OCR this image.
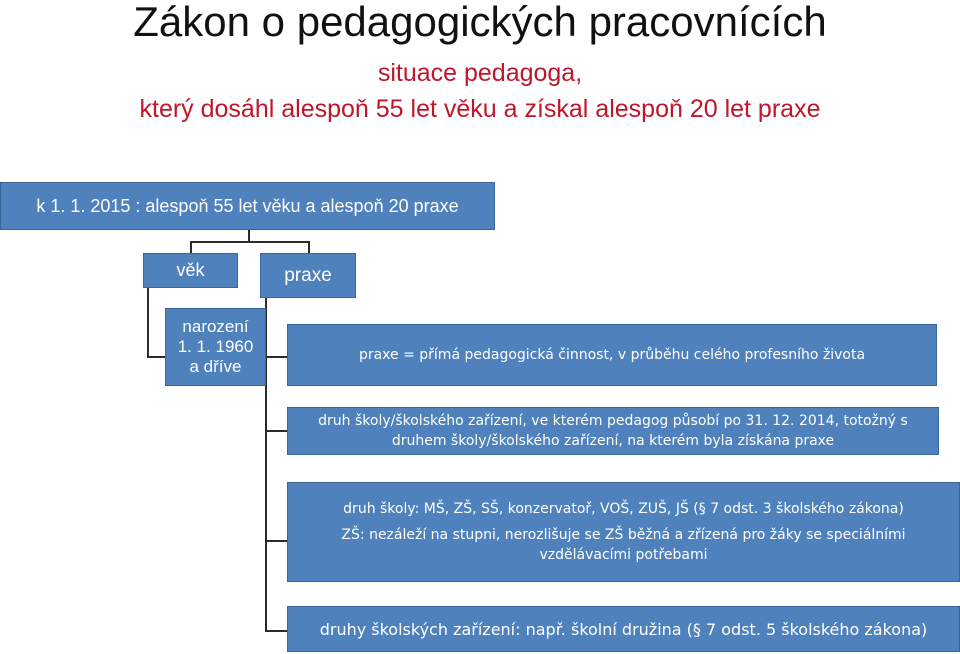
Zákon o pedagogických pracovnících
situace pedagoga,
který dosáhl alespoň 55 let věku a získal alespoň 20 let praxe
k 1. 1. 2015 : alespoň 55 let věku a alespoň 20 praxe
věk	praxe
narození
1. 1. 1960
a dříve
praxe = přímá pedagogická činnost, v průběhu celého profesního života
druh školy/školského zařízení, ve kterém pedagog působí po 31. 12. 2014, totožný s
druhem školy/školského zařízení, na kterém byla získána praxe
druh školy: MŠ, ZŠ, SŠ, konzervatoř, VOŠ, ZUŠ, JŠ (§ 7 odst. 3 školského zákona)
ZŠ: nezáleží na stupni, nerozlišuje se ZŠ běžná a zřízená pro žáky se speciálními
vzdělávacími potřebami
druhy školských zařízení: např. školní družina (§ 7 odst. 5 školského zákona)
